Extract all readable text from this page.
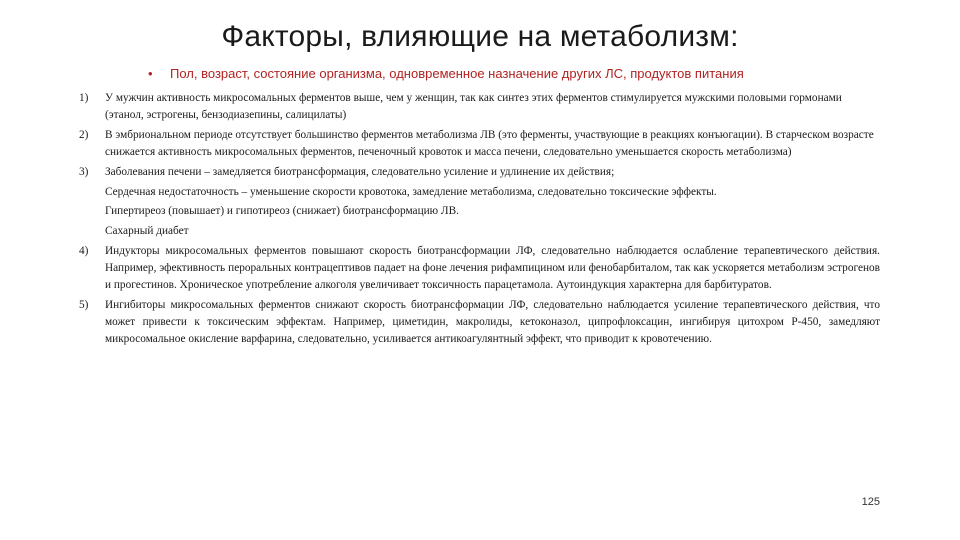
Факторы, влияющие на метаболизм:
• Пол, возраст, состояние организма, одновременное назначение других ЛС, продуктов питания
1)	У мужчин активность микросомальных ферментов выше, чем у женщин, так как синтез этих ферментов стимулируется мужскими половыми гормонами (этанол, эстрогены, бензодиазепины, салицилаты)
2)	В эмбриональном периоде отсутствует большинство ферментов метаболизма ЛВ (это ферменты, участвующие в реакциях конъюгации). В старческом возрасте снижается активность микросомальных ферментов, печеночный кровоток и масса печени, следовательно уменьшается скорость метаболизма)
3)	Заболевания печени – замедляется биотрансформация, следовательно усиление и удлинение их действия;

Сердечная недостаточность – уменьшение скорости кровотока, замедление метаболизма, следовательно токсические эффекты.

Гипертиреоз (повышает) и гипотиреоз (снижает) биотрансформацию ЛВ.

Сахарный диабет

4)	Индукторы микросомальных ферментов повышают скорость биотрансформации ЛФ, следовательно наблюдается ослабление терапевтического действия. Например, эфективность пероральных контрацептивов падает на фоне лечения рифампицином или фенобарбиталом, так как ускоряется метаболизм эстрогенов и прогестинов. Хроническое употребление алкоголя увеличивает токсичность парацетамола. Аутоиндукция характерна для барбитуратов.
5)	Ингибиторы микросомальных ферментов снижают скорость биотрансформации ЛФ, следовательно наблюдается усиление терапевтического действия, что может привести к токсическим эффектам. Например, циметидин, макролиды, кетоконазол, ципрофлоксацин, ингибируя цитохром Р-450, замедляют микросомальное окисление варфарина, следовательно, усиливается антикоагулянтный эффект, что приводит к кровотечению.
125
